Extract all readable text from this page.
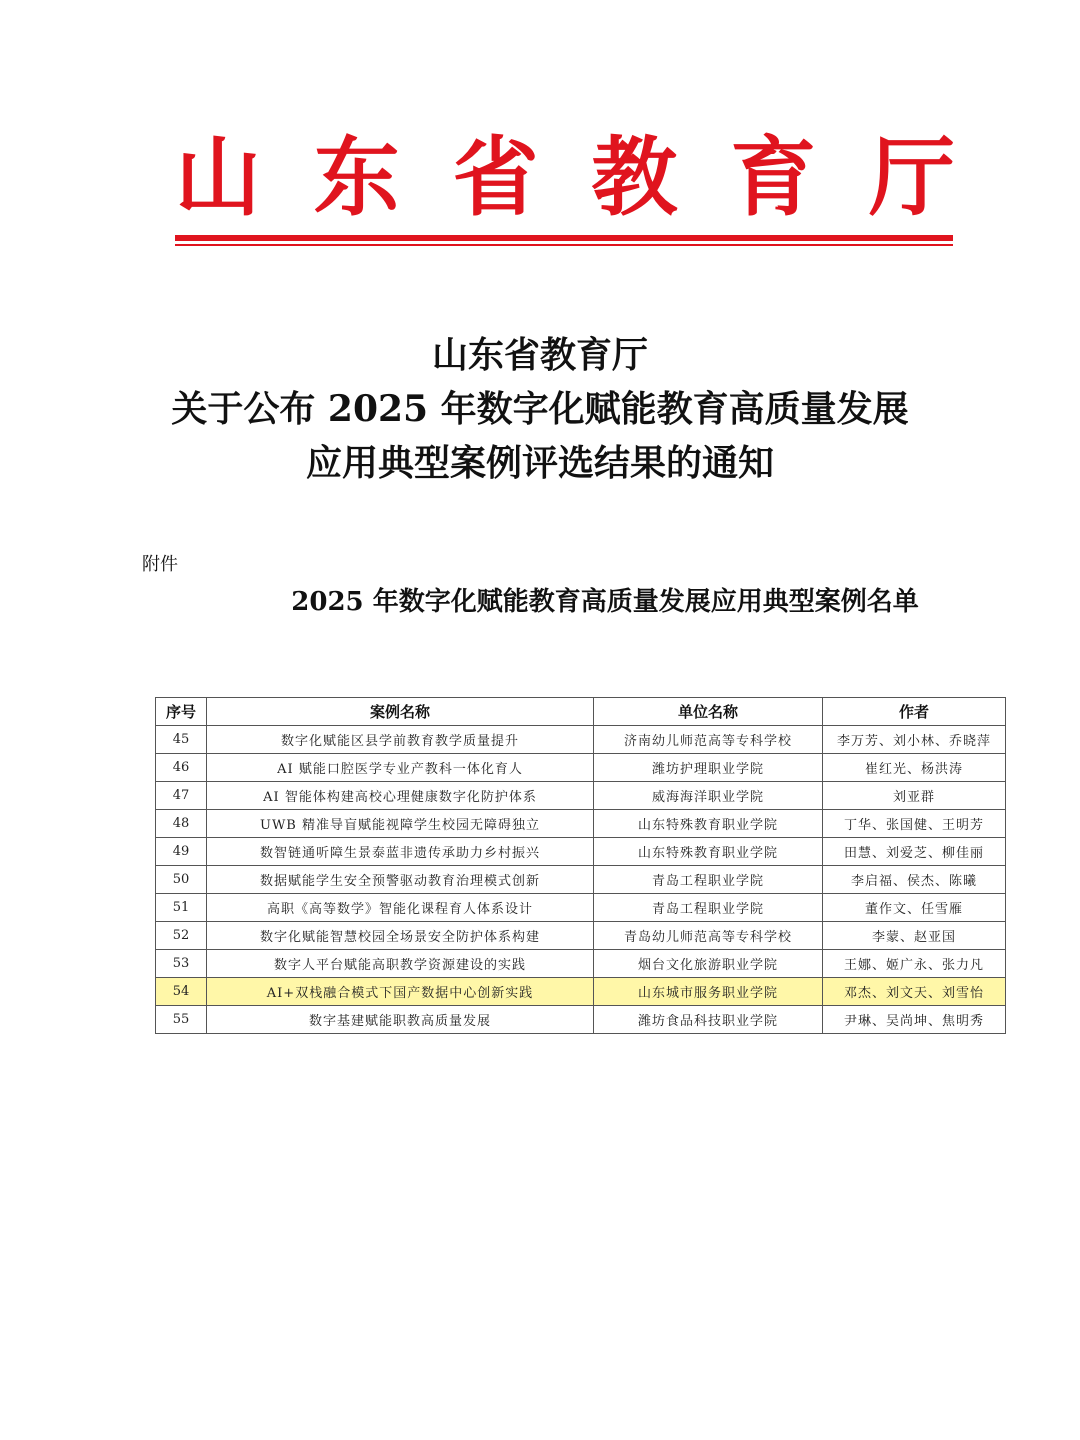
山 东 省 教 育 厅
山东省教育厅
关于公布 2025 年数字化赋能教育高质量发展
应用典型案例评选结果的通知
附件
2025 年数字化赋能教育高质量发展应用典型案例名单
序号	案例名称	单位名称	作者
45	数字化赋能区县学前教育教学质量提升	济南幼儿师范高等专科学校	李万芳、刘小林、乔晓萍
46	AI 赋能口腔医学专业产教科一体化育人	潍坊护理职业学院	崔红光、杨洪涛
47	AI 智能体构建高校心理健康数字化防护体系	威海海洋职业学院	刘亚群
48	UWB 精准导盲赋能视障学生校园无障碍独立	山东特殊教育职业学院	丁华、张国健、王明芳
49	数智链通听障生景泰蓝非遗传承助力乡村振兴	山东特殊教育职业学院	田慧、刘爱芝、柳佳丽
50	数据赋能学生安全预警驱动教育治理模式创新	青岛工程职业学院	李启福、侯杰、陈曦
51	高职《高等数学》智能化课程育人体系设计	青岛工程职业学院	董作文、任雪雁
52	数字化赋能智慧校园全场景安全防护体系构建	青岛幼儿师范高等专科学校	李蒙、赵亚国
53	数字人平台赋能高职教学资源建设的实践	烟台文化旅游职业学院	王娜、姬广永、张力凡
54	AI+双栈融合模式下国产数据中心创新实践	山东城市服务职业学院	邓杰、刘文天、刘雪怡
55	数字基建赋能职教高质量发展	潍坊食品科技职业学院	尹琳、吴尚坤、焦明秀
